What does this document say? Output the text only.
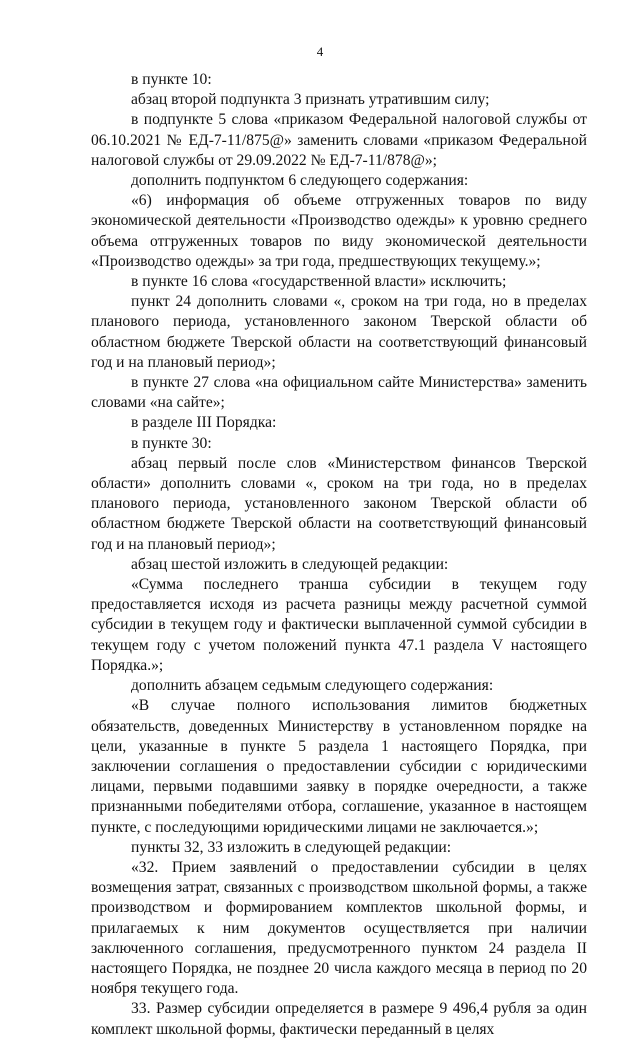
4

в пункте 10:

абзац второй подпункта 3 признать утратившим силу;

в подпункте 5 слова «приказом Федеральной налоговой службы от 06.10.2021 № ЕД-7-11/875@» заменить словами «приказом Федеральной налоговой службы от 29.09.2022 № ЕД-7-11/878@»;

дополнить подпунктом 6 следующего содержания:

«6) информация об объеме отгруженных товаров по виду экономической деятельности «Производство одежды» к уровню среднего объема отгруженных товаров по виду экономической деятельности «Производство одежды» за три года, предшествующих текущему.»;

в пункте 16 слова «государственной власти» исключить;

пункт 24 дополнить словами «, сроком на три года, но в пределах планового периода, установленного законом Тверской области об областном бюджете Тверской области на соответствующий финансовый год и на плановый период»;

в пункте 27 слова «на официальном сайте Министерства» заменить словами «на сайте»;

в разделе III Порядка:

в пункте 30:

абзац первый после слов «Министерством финансов Тверской области» дополнить словами «, сроком на три года, но в пределах планового периода, установленного законом Тверской области об областном бюджете Тверской области на соответствующий финансовый год и на плановый период»;

абзац шестой изложить в следующей редакции:

«Сумма последнего транша субсидии в текущем году предоставляется исходя из расчета разницы между расчетной суммой субсидии в текущем году и фактически выплаченной суммой субсидии в текущем году с учетом положений пункта 47.1 раздела V настоящего Порядка.»;

дополнить абзацем седьмым следующего содержания:

«В случае полного использования лимитов бюджетных обязательств, доведенных Министерству в установленном порядке на цели, указанные в пункте 5 раздела 1 настоящего Порядка, при заключении соглашения о предоставлении субсидии с юридическими лицами, первыми подавшими заявку в порядке очередности, а также признанными победителями отбора, соглашение, указанное в настоящем пункте, с последующими юридическими лицами не заключается.»;

пункты 32, 33 изложить в следующей редакции:

«32. Прием заявлений о предоставлении субсидии в целях возмещения затрат, связанных с производством школьной формы, а также производством и формированием комплектов школьной формы, и прилагаемых к ним документов осуществляется при наличии заключенного соглашения, предусмотренного пунктом 24 раздела II настоящего Порядка, не позднее 20 числа каждого месяца в период по 20 ноября текущего года.

33. Размер субсидии определяется в размере 9 496,4 рубля за один комплект школьной формы, фактически переданный в целях
